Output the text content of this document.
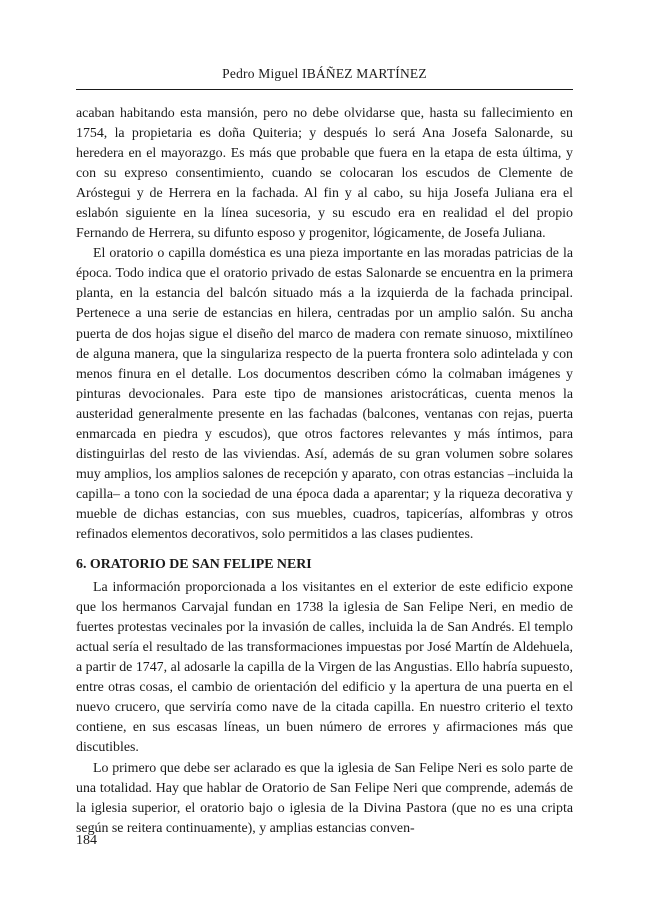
Pedro Miguel IBÁÑEZ MARTÍNEZ

acaban habitando esta mansión, pero no debe olvidarse que, hasta su fallecimiento en 1754, la propietaria es doña Quiteria; y después lo será Ana Josefa Salonarde, su heredera en el mayorazgo. Es más que probable que fuera en la etapa de esta última, y con su expreso consentimiento, cuando se colocaran los escudos de Clemente de Aróstegui y de Herrera en la fachada. Al fin y al cabo, su hija Josefa Juliana era el eslabón siguiente en la línea sucesoria, y su escudo era en realidad el del propio Fernando de Herrera, su difunto esposo y progenitor, lógicamente, de Josefa Juliana.

El oratorio o capilla doméstica es una pieza importante en las moradas patricias de la época. Todo indica que el oratorio privado de estas Salonarde se encuentra en la primera planta, en la estancia del balcón situado más a la izquierda de la fachada principal. Pertenece a una serie de estancias en hilera, centradas por un amplio salón. Su ancha puerta de dos hojas sigue el diseño del marco de madera con remate sinuoso, mixtilíneo de alguna manera, que la singulariza respecto de la puerta frontera solo adintelada y con menos finura en el detalle. Los documentos describen cómo la colmaban imágenes y pinturas devocionales. Para este tipo de mansiones aristocráticas, cuenta menos la austeridad generalmente presente en las fachadas (balcones, ventanas con rejas, puerta enmarcada en piedra y escudos), que otros factores relevantes y más íntimos, para distinguirlas del resto de las viviendas. Así, además de su gran volumen sobre solares muy amplios, los amplios salones de recepción y aparato, con otras estancias –incluida la capilla– a tono con la sociedad de una época dada a aparentar; y la riqueza decorativa y mueble de dichas estancias, con sus muebles, cuadros, tapicerías, alfombras y otros refinados elementos decorativos, solo permitidos a las clases pudientes.

6. ORATORIO DE SAN FELIPE NERI

La información proporcionada a los visitantes en el exterior de este edificio expone que los hermanos Carvajal fundan en 1738 la iglesia de San Felipe Neri, en medio de fuertes protestas vecinales por la invasión de calles, incluida la de San Andrés. El templo actual sería el resultado de las transformaciones impuestas por José Martín de Aldehuela, a partir de 1747, al adosarle la capilla de la Virgen de las Angustias. Ello habría supuesto, entre otras cosas, el cambio de orientación del edificio y la apertura de una puerta en el nuevo crucero, que serviría como nave de la citada capilla. En nuestro criterio el texto contiene, en sus escasas líneas, un buen número de errores y afirmaciones más que discutibles.

Lo primero que debe ser aclarado es que la iglesia de San Felipe Neri es solo parte de una totalidad. Hay que hablar de Oratorio de San Felipe Neri que comprende, además de la iglesia superior, el oratorio bajo o iglesia de la Divina Pastora (que no es una cripta según se reitera continuamente), y amplias estancias conven-

184
